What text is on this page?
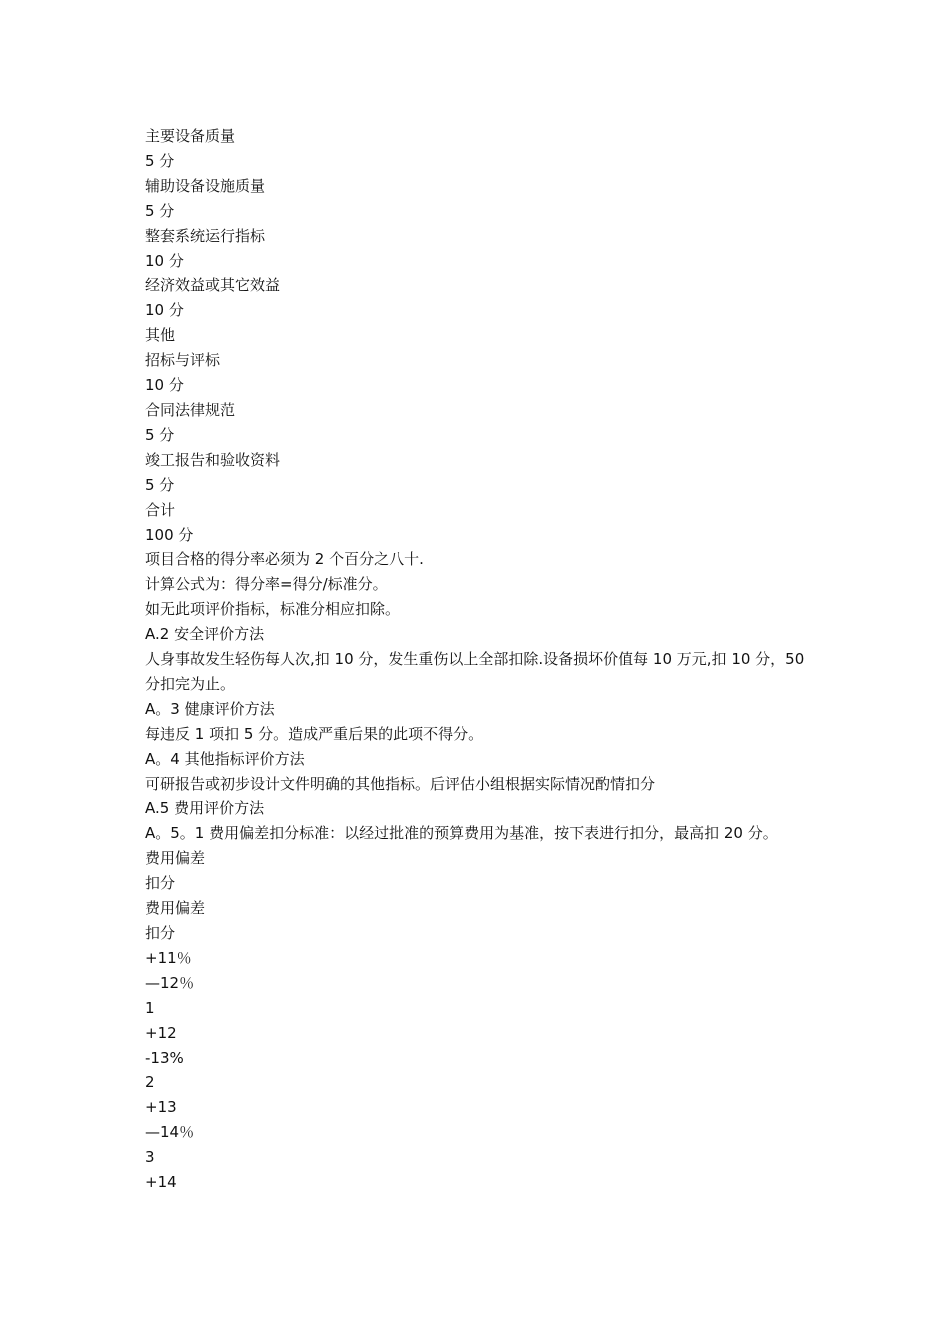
主要设备质量

5 分

辅助设备设施质量

5 分

整套系统运行指标

10 分

经济效益或其它效益

10 分

其他

招标与评标

10 分

合同法律规范

5 分

竣工报告和验收资料

5 分

合计

100 分

项目合格的得分率必须为 2 个百分之八十.

计算公式为：得分率=得分/标准分。

如无此项评价指标，标准分相应扣除。

A.2 安全评价方法

人身事故发生轻伤每人次,扣 10 分，发生重伤以上全部扣除.设备损坏价值每 10 万元,扣 10 分，50 分扣完为止。

A。3 健康评价方法

每违反 1 项扣 5 分。造成严重后果的此项不得分。

A。4 其他指标评价方法

可研报告或初步设计文件明确的其他指标。后评估小组根据实际情况酌情扣分

A.5 费用评价方法

A。5。1 费用偏差扣分标准：以经过批准的预算费用为基准，按下表进行扣分，最高扣 20 分。

费用偏差

扣分

费用偏差

扣分

+11％

—12％

1

+12

-13%

2

+13

—14％

3

+14
